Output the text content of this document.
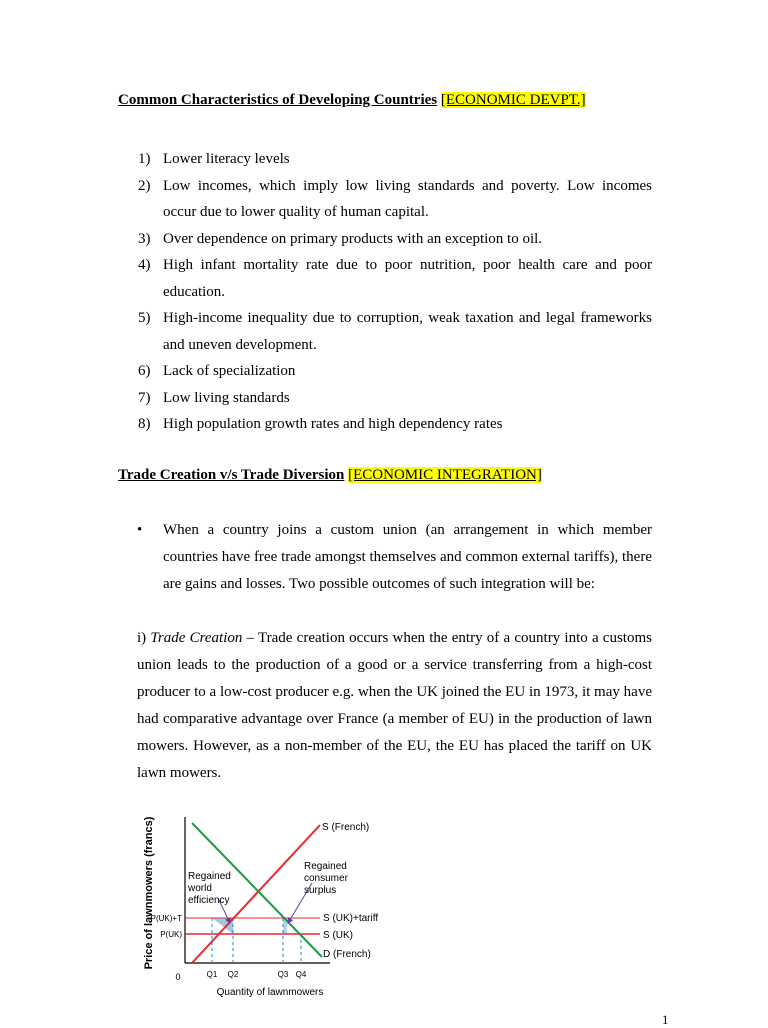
Common Characteristics of Developing Countries [ECONOMIC DEVPT.]
1) Lower literacy levels
2) Low incomes, which imply low living standards and poverty. Low incomes occur due to lower quality of human capital.
3) Over dependence on primary products with an exception to oil.
4) High infant mortality rate due to poor nutrition, poor health care and poor education.
5) High-income inequality due to corruption, weak taxation and legal frameworks and uneven development.
6) Lack of specialization
7) Low living standards
8) High population growth rates and high dependency rates
Trade Creation v/s Trade Diversion [ECONOMIC INTEGRATION]
• When a country joins a custom union (an arrangement in which member countries have free trade amongst themselves and common external tariffs), there are gains and losses. Two possible outcomes of such integration will be:
i) Trade Creation – Trade creation occurs when the entry of a country into a customs union leads to the production of a good or a service transferring from a high-cost producer to a low-cost producer e.g. when the UK joined the EU in 1973, it may have had comparative advantage over France (a member of EU) in the production of lawn mowers. However, as a non-member of the EU, the EU has placed the tariff on UK lawn mowers.
Price of lawnmowers (francs)
Quantity of lawnmowers
0
P(UK)+T
P(UK)
Q1 Q2	Q3 Q4
S (French)
D (French)
S (UK)+tariff
S (UK)
Regained world efficiency
Regained consumer surplus
1
